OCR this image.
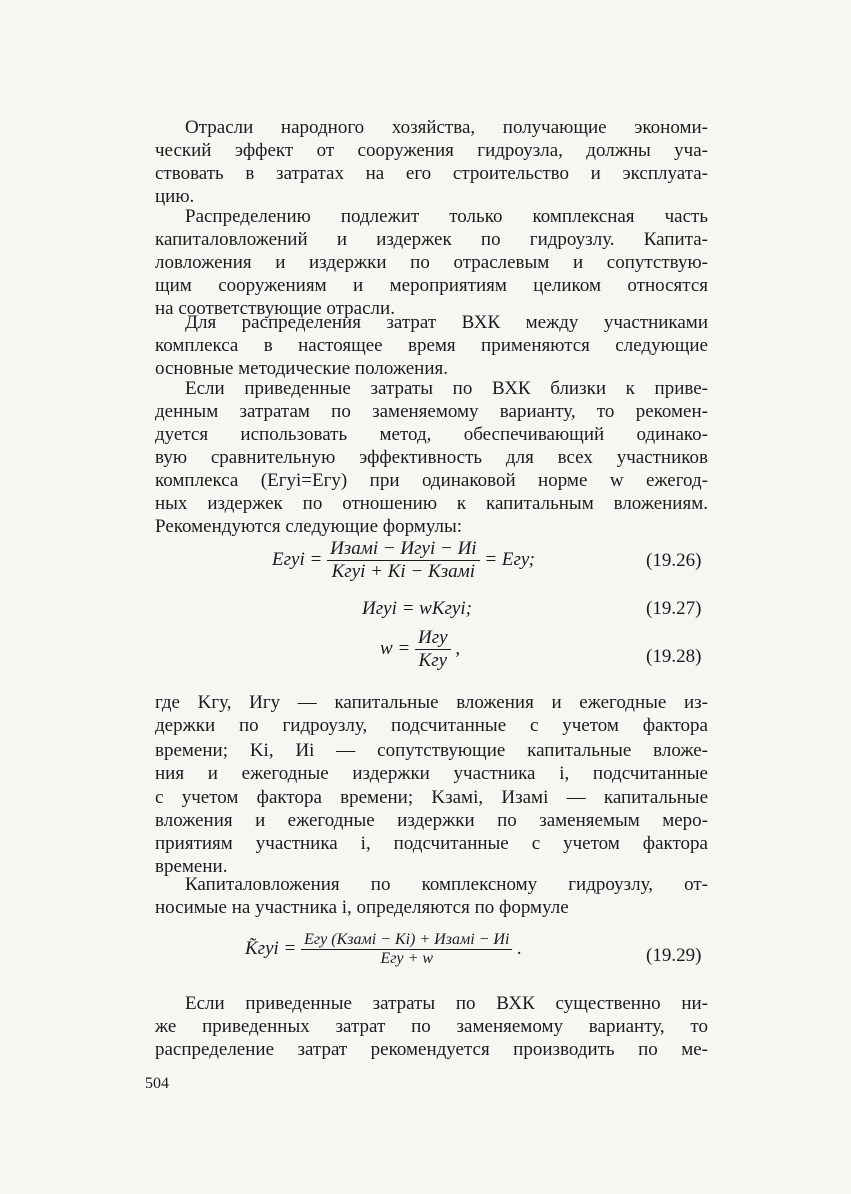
Отрасли народного хозяйства, получающие экономи-
ческий эффект от сооружения гидроузла, должны уча-
ствовать в затратах на его строительство и эксплуата-
цию.
Распределению подлежит только комплексная часть
капиталовложений и издержек по гидроузлу. Капита-
ловложения и издержки по отраслевым и сопутствую-
щим сооружениям и мероприятиям целиком относятся
на соответствующие отрасли.
Для распределения затрат ВХК между участниками
комплекса в настоящее время применяются следующие
основные методические положения.
Если приведенные затраты по ВХК близки к приве-
денным затратам по заменяемому варианту, то рекомен-
дуется использовать метод, обеспечивающий одинако-
вую сравнительную эффективность для всех участников
комплекса (Eгуi=Eгу) при одинаковой норме w ежегод-
ных издержек по отношению к капитальным вложениям.
Рекомендуются следующие формулы:
Eгуi = $\frac{\text{Изамi − Игуi − Иi}}{\text{Kгуi + Ki − Kзамi}}$ = Eгу;	(19.26)
Игуi = wKгуi;	(19.27)
$w = \frac{\text{Игу}}{\text{Kгу}}$ ,	(19.28)
где Kгу, Игу — капитальные вложения и ежегодные из-
держки по гидроузлу, подсчитанные с учетом фактора
времени; Ki, Иi — сопутствующие капитальные вложе-
ния и ежегодные издержки участника i, подсчитанные
с учетом фактора времени; Kзамi, Изамi — капитальные
вложения и ежегодные издержки по заменяемым меро-
приятиям участника i, подсчитанные с учетом фактора
времени.
Капиталовложения по комплексному гидроузлу, от-
носимые на участника i, определяются по формуле
K̃гуi = $\frac{\text{Eгу (Kзамi − Ki) + Изамi − Иi}}{\text{Eгу + w}}$ .	(19.29)
Если приведенные затраты по ВХК существенно ни-
же приведенных затрат по заменяемому варианту, то
распределение затрат рекомендуется производить по ме-
504
